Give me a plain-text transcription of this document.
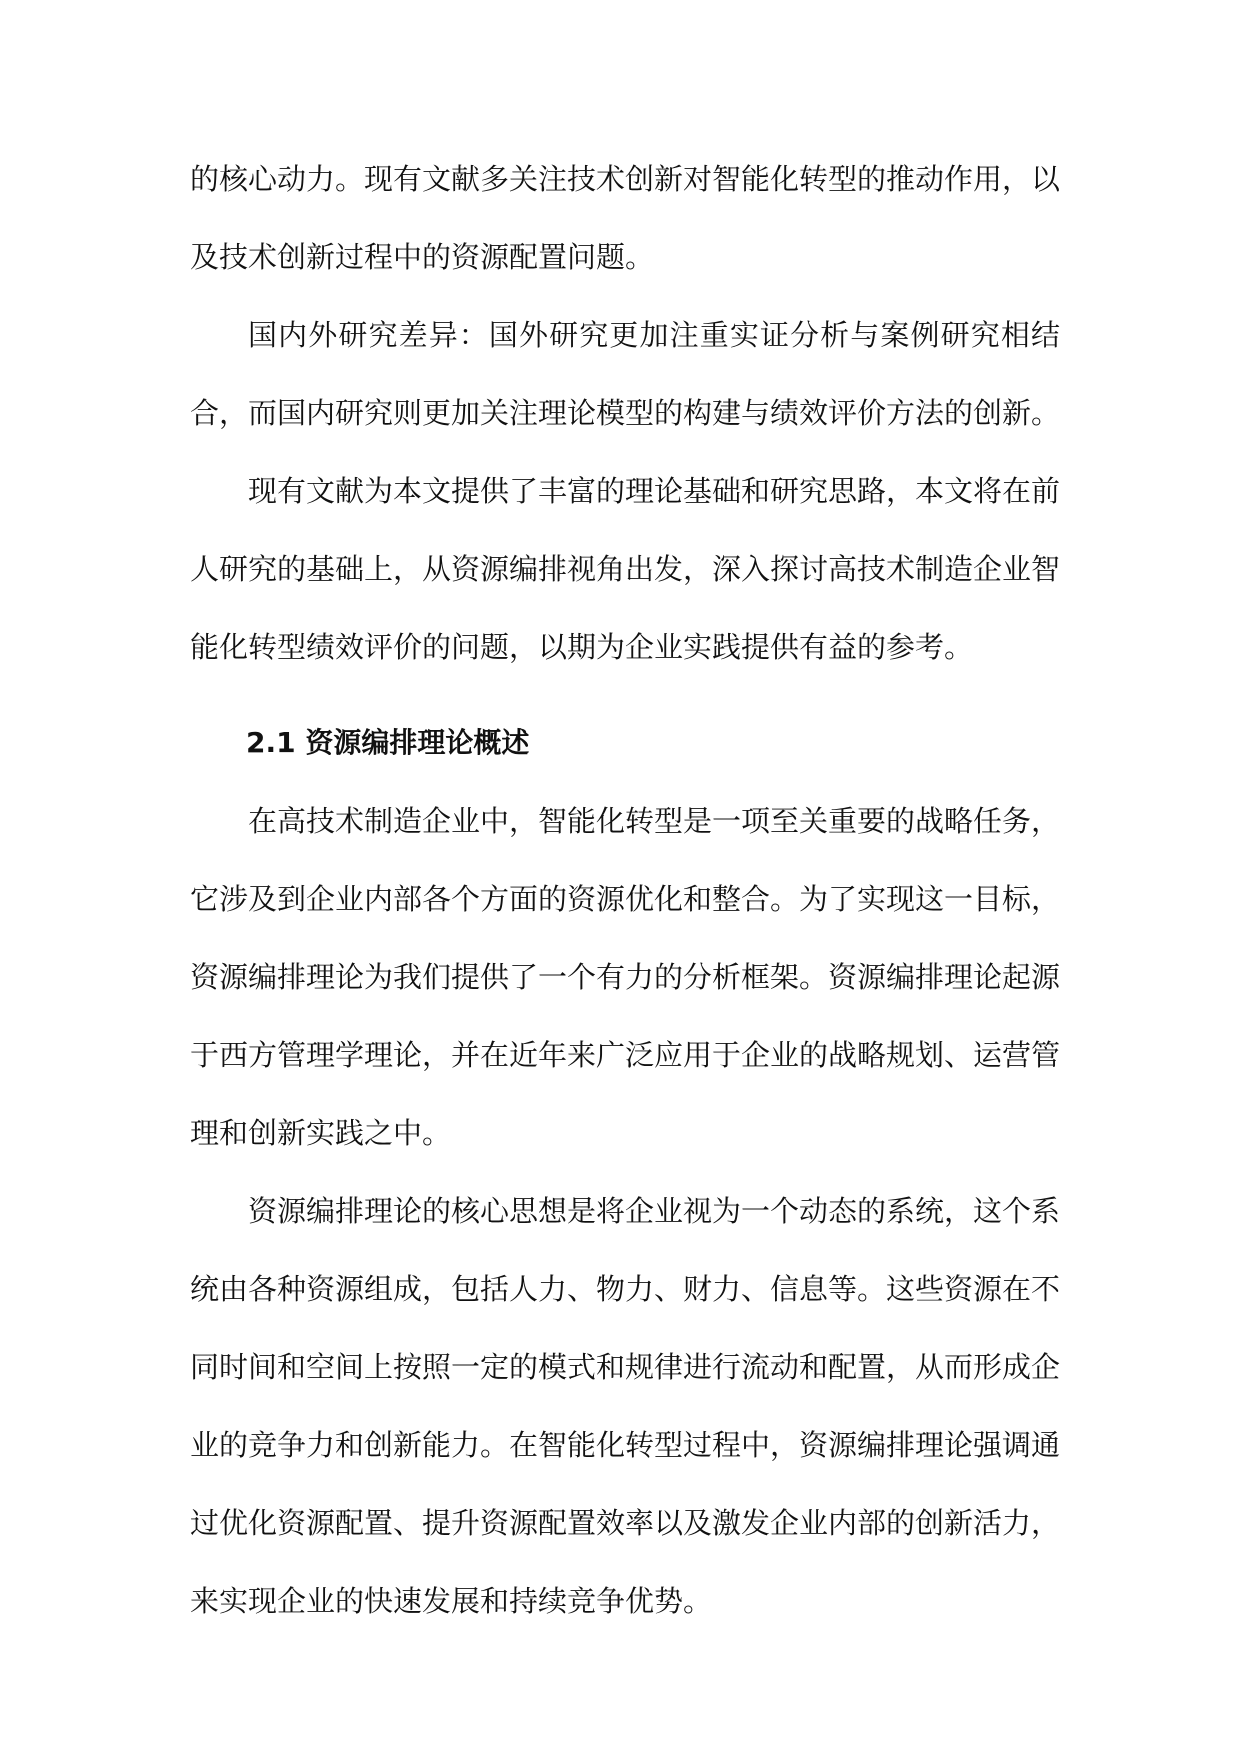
的核心动力。现有文献多关注技术创新对智能化转型的推动作用，以及技术创新过程中的资源配置问题。

国内外研究差异：国外研究更加注重实证分析与案例研究相结合，而国内研究则更加关注理论模型的构建与绩效评价方法的创新。

现有文献为本文提供了丰富的理论基础和研究思路，本文将在前人研究的基础上，从资源编排视角出发，深入探讨高技术制造企业智能化转型绩效评价的问题，以期为企业实践提供有益的参考。

2.1 资源编排理论概述

在高技术制造企业中，智能化转型是一项至关重要的战略任务，它涉及到企业内部各个方面的资源优化和整合。为了实现这一目标，资源编排理论为我们提供了一个有力的分析框架。资源编排理论起源于西方管理学理论，并在近年来广泛应用于企业的战略规划、运营管理和创新实践之中。

资源编排理论的核心思想是将企业视为一个动态的系统，这个系统由各种资源组成，包括人力、物力、财力、信息等。这些资源在不同时间和空间上按照一定的模式和规律进行流动和配置，从而形成企业的竞争力和创新能力。在智能化转型过程中，资源编排理论强调通过优化资源配置、提升资源配置效率以及激发企业内部的创新活力，来实现企业的快速发展和持续竞争优势。
